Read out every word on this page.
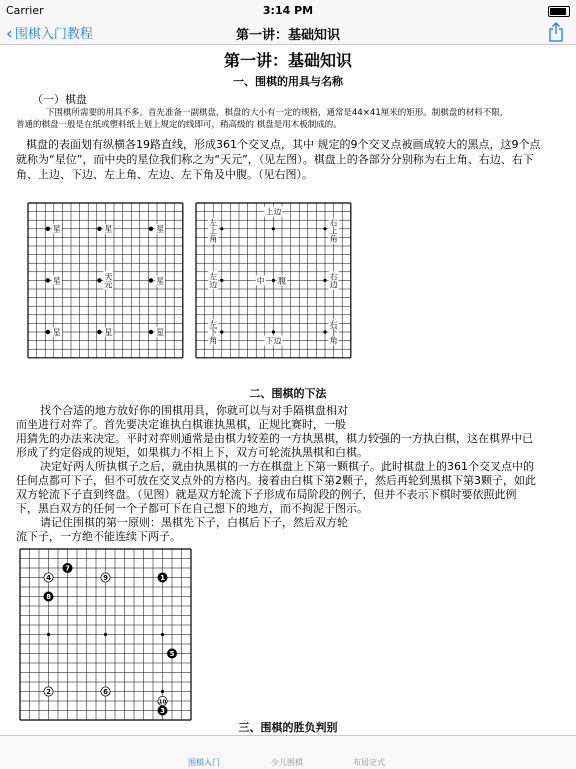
Carrier	3:14 PM
‹ 围棋入门教程	第一讲：基础知识
第一讲：基础知识
一、围棋的用具与名称
（一）棋盘
下围棋所需要的用具不多。首先准备一副棋盘，棋盘的大小有一定的规格，通常是44×41厘米的矩形。制棋盘的材料不限，
普通的棋盘一般是在纸或塑料纸上划上规定的线即可，稍高级的 棋盘是用木板制成的。
棋盘的表面划有纵横各19路直线，形成361个交叉点，其中 规定的9个交叉点被画成较大的黑点，这9个点
就称为“星位”，而中央的星位我们称之为“天元”，（见左图）。棋盘上的各部分分别称为右上角、右边、右下
角、上边、下边、左上角、左边、左下角及中腹。（见右图）。
星	星	星
星	星
星	星	星
天
元
左
上
角
上边
右
上
角
左
边	中 腹	右
边
左
下
角	下边
右
下
角
二、围棋的下法
找个合适的地方放好你的围棋用具，你就可以与对手隔棋盘相对
而坐进行对弈了。首先要决定谁执白棋谁执黑棋，正规比赛时，一般
用猜先的办法来决定。平时对弈则通常是由棋力较差的一方执黑棋，棋力较强的一方执白棋，这在棋界中已
形成了约定俗成的规矩，如果棋力不相上下，双方可轮流执黑棋和白棋。
决定好两人所执棋子之后，就由执黑棋的一方在棋盘上下第一颗棋子。此时棋盘上的361个交叉点中的
任何点都可下子，但不可放在交叉点外的方格内。接着由白棋下第2颗子，然后再轮到黑棋下第3颗子，如此
双方轮流下子直到终盘。（见图）就是双方轮流下子形成布局阶段的例子，但并不表示下棋时要依照此例
下，黑白双方的任何一个子都可下在自己想下的地方，而不拘泥于图示。
请记住围棋的第一原则：黑棋先下子，白棋后下子，然后双方轮
流下子，一方绝不能连续下两子。
1
2
3
4
5
6
7
8
9
10
三、围棋的胜负判别
围棋入门	少儿围棋	布局定式
